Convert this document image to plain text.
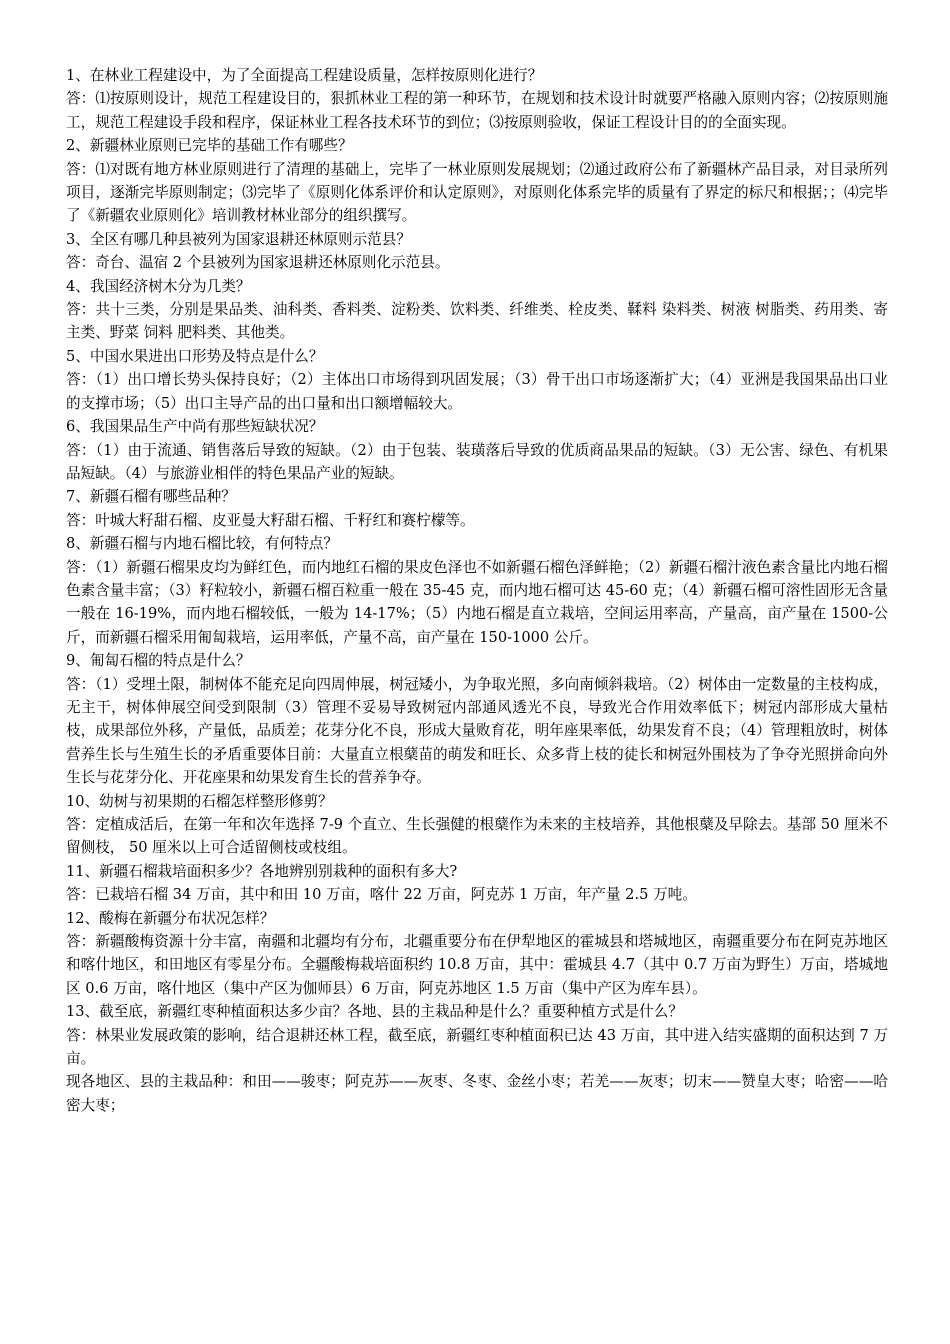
1、在林业工程建设中，为了全面提高工程建设质量，怎样按原则化进行？

答：⑴按原则设计，规范工程建设目的，狠抓林业工程的第一种环节，在规划和技术设计时就要严格融入原则内容；⑵按原则施工，规范工程建设手段和程序，保证林业工程各技术环节的到位；⑶按原则验收，保证工程设计目的的全面实现。

2、新疆林业原则已完毕的基础工作有哪些？

答：⑴对既有地方林业原则进行了清理的基础上，完毕了一林业原则发展规划；⑵通过政府公布了新疆林产品目录，对目录所列项目，逐渐完毕原则制定；⑶完毕了《原则化体系评价和认定原则》，对原则化体系完毕的质量有了界定的标尺和根据；；⑷完毕了《新疆农业原则化》培训教材林业部分的组织撰写。

3、全区有哪几种县被列为国家退耕还林原则示范县？

答：奇台、温宿 2 个县被列为国家退耕还林原则化示范县。

4、我国经济树木分为几类？

答：共十三类，分别是果品类、油科类、香料类、淀粉类、饮料类、纤维类、栓皮类、鞣料 染料类、树液 树脂类、药用类、寄主类、野菜 饲料 肥料类、其他类。

5、中国水果进出口形势及特点是什么？

答：（1）出口增长势头保持良好；（2）主体出口市场得到巩固发展；（3）骨干出口市场逐渐扩大；（4）亚洲是我国果品出口业的支撑市场；（5）出口主导产品的出口量和出口额增幅较大。

6、我国果品生产中尚有那些短缺状况？

答：（1）由于流通、销售落后导致的短缺。（2）由于包装、装璜落后导致的优质商品果品的短缺。（3）无公害、绿色、有机果品短缺。（4）与旅游业相伴的特色果品产业的短缺。

7、新疆石榴有哪些品种？

答：叶城大籽甜石榴、皮亚曼大籽甜石榴、千籽红和赛柠檬等。

8、新疆石榴与内地石榴比较，有何特点？

答：（1）新疆石榴果皮均为鲜红色，而内地红石榴的果皮色泽也不如新疆石榴色泽鲜艳；（2）新疆石榴汁液色素含量比内地石榴色素含量丰富；（3）籽粒较小，新疆石榴百粒重一般在 35-45 克，而内地石榴可达 45-60 克；（4）新疆石榴可溶性固形无含量一般在 16-19%，而内地石榴较低，一般为 14-17%；（5）内地石榴是直立栽培，空间运用率高，产量高，亩产量在 1500-公斤，而新疆石榴采用匍匐栽培，运用率低，产量不高，亩产量在 150-1000 公斤。

9、匍匐石榴的特点是什么？

答：（1）受埋土限，制树体不能充足向四周伸展，树冠矮小，为争取光照，多向南倾斜栽培。（2）树体由一定数量的主枝构成，无主干，树体伸展空间受到限制（3）管理不妥易导致树冠内部通风透光不良，导致光合作用效率低下；树冠内部形成大量枯枝，成果部位外移，产量低，品质差；花芽分化不良，形成大量败育花，明年座果率低，幼果发育不良；（4）管理粗放时，树体营养生长与生殖生长的矛盾重要体目前：大量直立根蘖苗的萌发和旺长、众多背上枝的徒长和树冠外围枝为了争夺光照拼命向外生长与花芽分化、开花座果和幼果发育生长的营养争夺。

10、幼树与初果期的石榴怎样整形修剪？

答：定植成活后，在第一年和次年选择 7-9 个直立、生长强健的根蘖作为未来的主枝培养，其他根蘖及早除去。基部 50 厘米不留侧枝， 50 厘米以上可合适留侧枝或枝组。

11、新疆石榴栽培面积多少？各地辨别别栽种的面积有多大?

答：已栽培石榴 34 万亩，其中和田 10 万亩，喀什 22 万亩，阿克苏 1 万亩，年产量 2.5 万吨。

12、酸梅在新疆分布状况怎样？

答：新疆酸梅资源十分丰富，南疆和北疆均有分布，北疆重要分布在伊犁地区的霍城县和塔城地区，南疆重要分布在阿克苏地区和喀什地区，和田地区有零星分布。全疆酸梅栽培面积约 10.8 万亩，其中：霍城县 4.7（其中 0.7 万亩为野生）万亩，塔城地区 0.6 万亩，喀什地区（集中产区为伽师县）6 万亩，阿克苏地区 1.5 万亩（集中产区为库车县）。

13、截至底，新疆红枣种植面积达多少亩？各地、县的主栽品种是什么？重要种植方式是什么？

答：林果业发展政策的影响，结合退耕还林工程，截至底，新疆红枣种植面积已达 43 万亩，其中进入结实盛期的面积达到 7 万亩。

现各地区、县的主栽品种：和田——骏枣；阿克苏——灰枣、冬枣、金丝小枣；若羌——灰枣；切末——赞皇大枣；哈密——哈密大枣；
